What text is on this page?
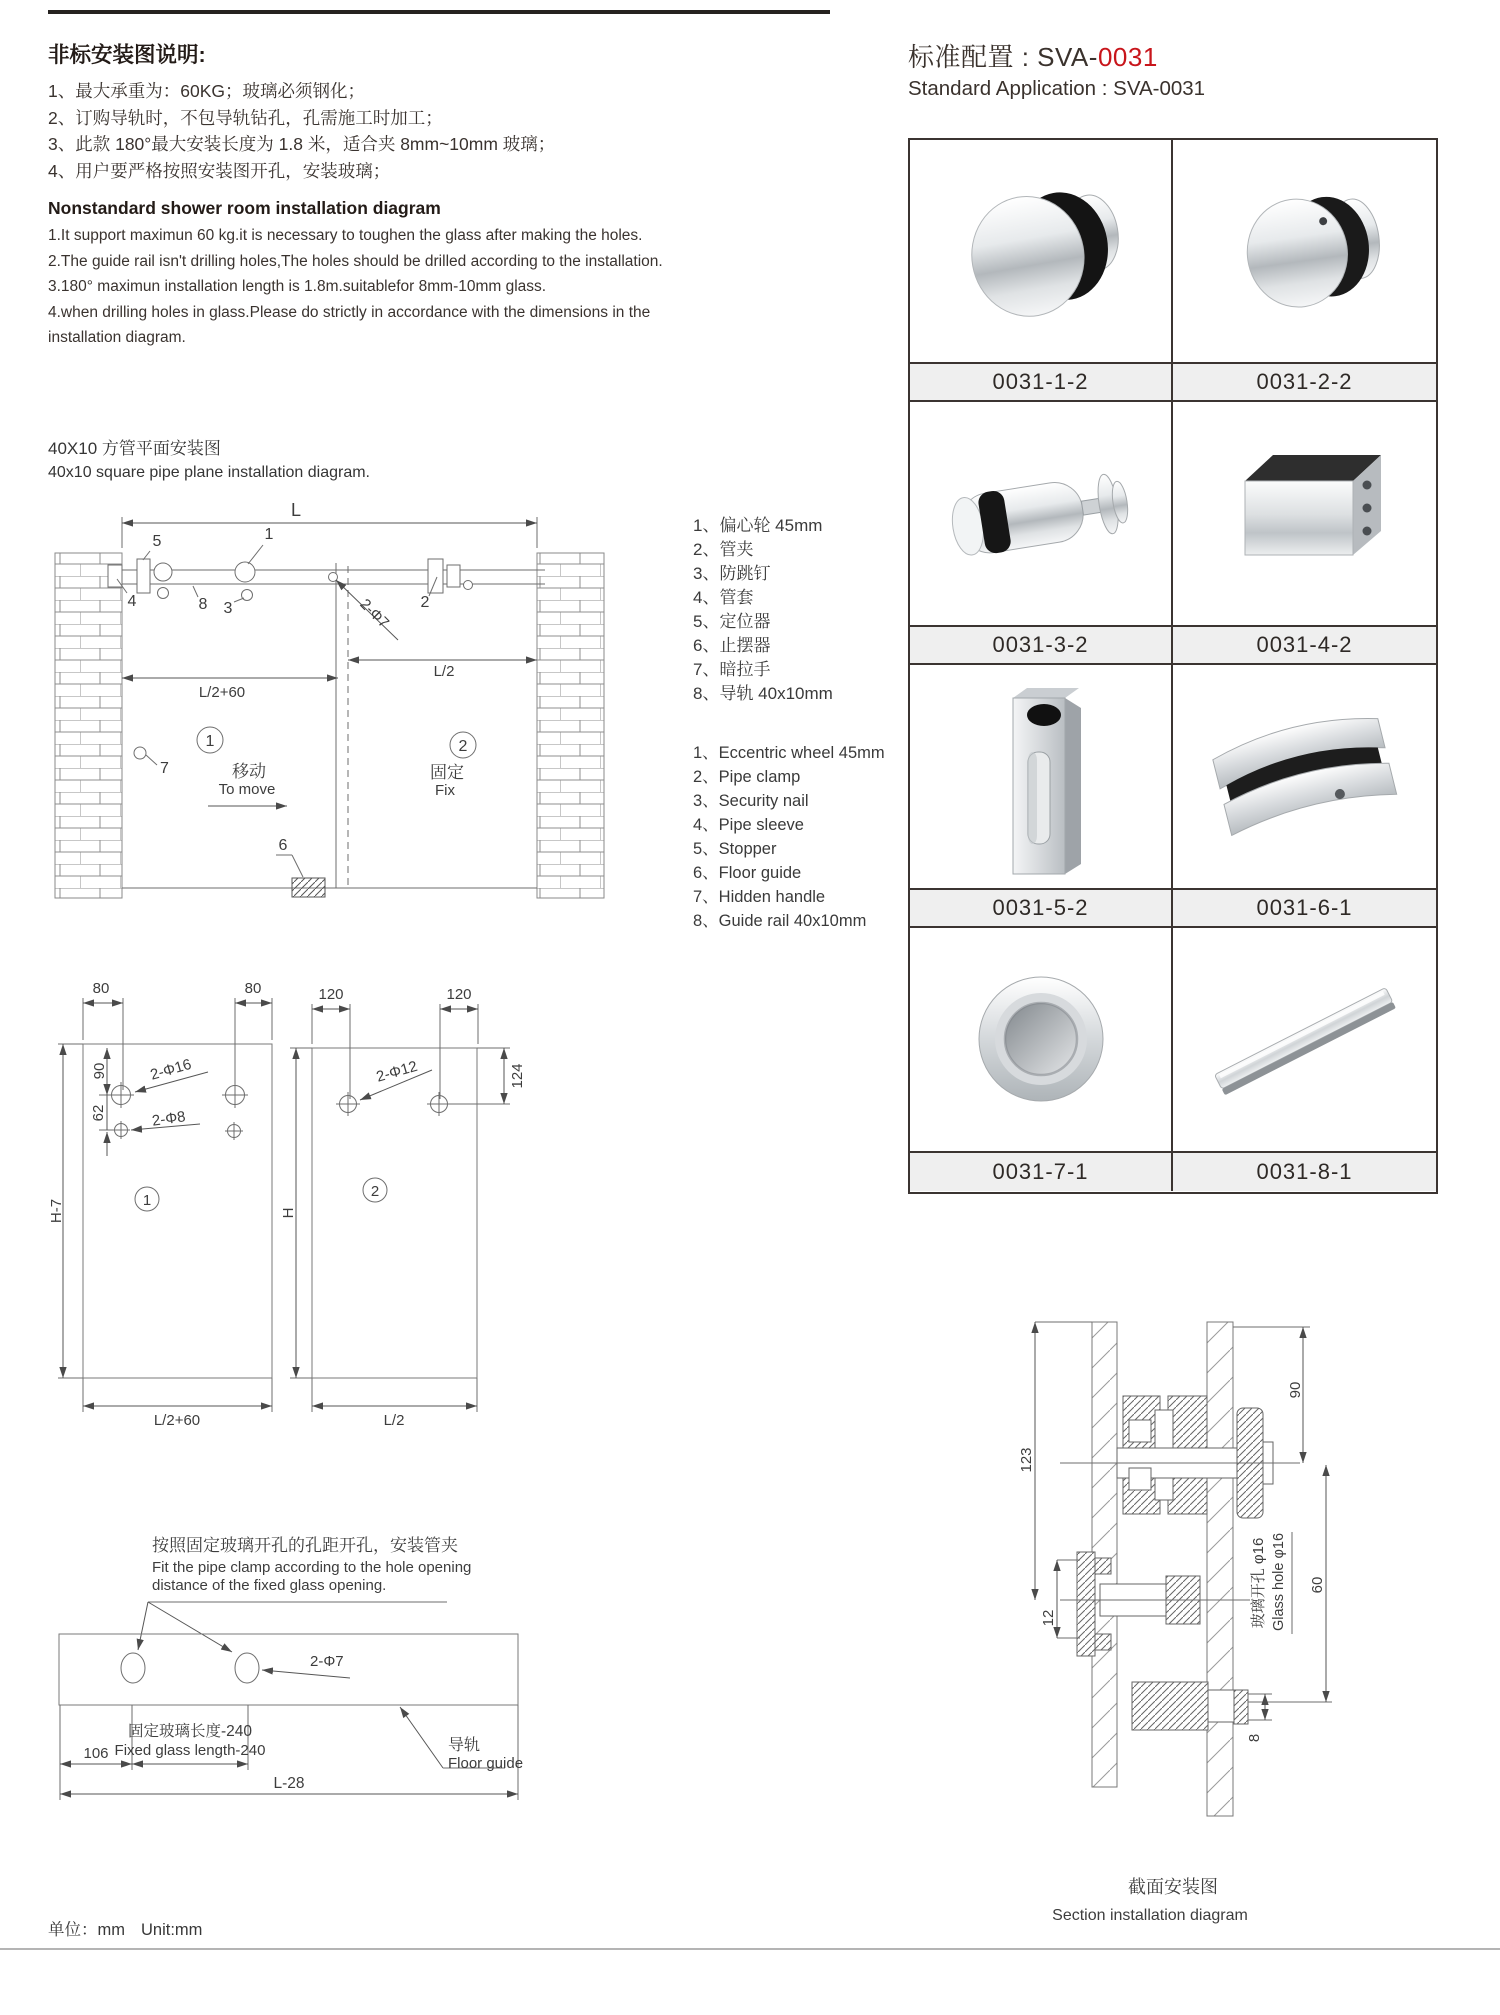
非标安装图说明:
1、最大承重为：60KG；玻璃必须钢化；
2、订购导轨时，不包导轨钻孔，孔需施工时加工；
3、此款 180°最大安装长度为 1.8 米，适合夹 8mm~10mm 玻璃；
4、用户要严格按照安装图开孔，安装玻璃；
Nonstandard shower room installation diagram
1.It support maximun 60 kg.it is necessary to toughen the glass after making the holes.
2.The guide rail isn't drilling holes,The holes should be drilled according to the installation.
3.180° maximun installation length is 1.8m.suitablefor 8mm-10mm glass.
4.when drilling holes in glass.Please do strictly in accordance with the dimensions in the
installation diagram.
标准配置 : SVA-0031
Standard Application : SVA-0031
0031-1-2	0031-2-2
0031-3-2	0031-4-2
0031-5-2	0031-6-1
0031-7-1	0031-8-1
40X10 方管平面安装图
40x10 square pipe plane installation diagram.
L
5	1
4	8 3	2
2-Φ7
7
6
L/2+60
L/2
1
移动
To move
2
固定
Fix
1、偏心轮 45mm
2、管夹
3、防跳钉
4、管套
5、定位器
6、止摆器
7、暗拉手
8、导轨 40x10mm
1、Eccentric wheel 45mm
2、Pipe clamp
3、Security nail
4、Pipe sleeve
5、Stopper
6、Floor guide
7、Hidden handle
8、Guide rail 40x10mm
80	80
H-7
90
62
2-Φ16
2-Φ8
1
L/2+60
120	120
H
124
2-Φ12
2
L/2
按照固定玻璃开孔的孔距开孔，安装管夹
Fit the pipe clamp according to the hole opening
distance of the fixed glass opening.
2-Φ7
106
固定玻璃长度-240
Fixed glass length-240
L-28
导轨
Floor guide
123
12
90
60
8
玻璃开孔 φ16 Glass hole φ16
截面安装图
Section installation diagram
单位：mm Unit:mm
